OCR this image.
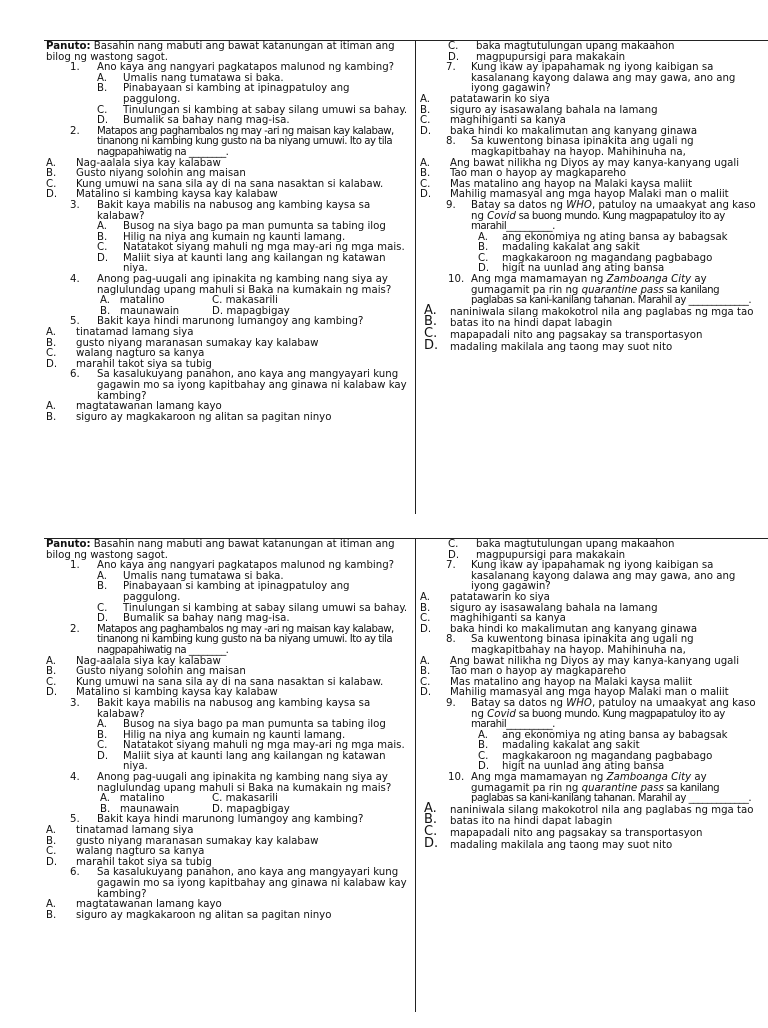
Panuto: Basahin nang mabuti ang bawat katanungan at itiman ang bilog ng wastong sagot.
1. Ano kaya ang nangyari pagkatapos malunod ng kambing?
A. Umalis nang tumatawa si baka.
B. Pinabayaan si kambing at ipinagpatuloy ang paggulong.
C. Tinulungan si kambing at sabay silang umuwi sa bahay.
D. Bumalik sa bahay nang mag-isa.
2. Matapos ang paghambalos ng may -ari ng maisan kay kalabaw, tinanong ni kambing kung gusto na ba niyang umuwi. Ito ay tila nagpapahiwatig na ________.
A. Nag-aalala siya kay kalabaw
B. Gusto niyang solohin ang maisan
C. Kung umuwi na sana sila ay di na sana nasaktan si kalabaw.
D. Matalino si kambing kaysa kay kalabaw
3. Bakit kaya mabilis na nabusog ang kambing kaysa sa kalabaw?
A. Busog na siya bago pa man pumunta sa tabing ilog
B. Hilig na niya ang kumain ng kaunti lamang.
C. Natatakot siyang mahuli ng mga may-ari ng mga mais.
D. Maliit siya at kaunti lang ang kailangan ng katawan niya.
4. Anong pag-uugali ang ipinakita ng kambing nang siya ay naglulundag upang mahuli si Baka na kumakain ng mais?
A. matalino	C. makasarili
B. maunawain	D. mapagbigay
5. Bakit kaya hindi marunong lumangoy ang kambing?
A. tinatamad lamang siya
B. gusto niyang maranasan sumakay kay kalabaw
C. walang nagturo sa kanya
D. marahil takot siya sa tubig
6. Sa kasalukuyang panahon, ano kaya ang mangyayari kung gagawin mo sa iyong kapitbahay ang ginawa ni kalabaw kay kambing?
A. magtatawanan lamang kayo
B. siguro ay magkakaroon ng alitan sa pagitan ninyo
C. baka magtutulungan upang makaahon
D. magpupursigi para makakain
7. Kung ikaw ay ipapahamak ng iyong kaibigan sa kasalanang kayong dalawa ang may gawa, ano ang iyong gagawin?
A. patatawarin ko siya
B. siguro ay isasawalang bahala na lamang
C. maghihiganti sa kanya
D. baka hindi ko makalimutan ang kanyang ginawa
8. Sa kuwentong binasa ipinakita ang ugali ng magkapitbahay na hayop. Mahihinuha na,
A. Ang bawat nilikha ng Diyos ay may kanya-kanyang ugali
B. Tao man o hayop ay magkapareho
C. Mas matalino ang hayop na Malaki kaysa maliit
D. Mahilig mamasyal ang mga hayop Malaki man o maliit
9. Batay sa datos ng WHO, patuloy na umaakyat ang kaso ng Covid sa buong mundo. Kung magpapatuloy ito ay marahil__________.
A. ang ekonomiya ng ating bansa ay babagsak
B. madaling kakalat ang sakit
C. magkakaroon ng magandang pagbabago
D. higit na uunlad ang ating bansa
10. Ang mga mamamayan ng Zamboanga City ay gumagamit pa rin ng quarantine pass sa kanilang paglabas sa kani-kanilang tahanan. Marahil ay _____________.
A. naniniwala silang makokotrol nila ang paglabas ng mga tao
B. batas ito na hindi dapat labagin
C. mapapadali nito ang pagsakay sa transportasyon
D. madaling makilala ang taong may suot nito
Panuto: Basahin nang mabuti ang bawat katanungan at itiman ang bilog ng wastong sagot.
1. Ano kaya ang nangyari pagkatapos malunod ng kambing?
A. Umalis nang tumatawa si baka.
B. Pinabayaan si kambing at ipinagpatuloy ang paggulong.
C. Tinulungan si kambing at sabay silang umuwi sa bahay.
D. Bumalik sa bahay nang mag-isa.
2. Matapos ang paghambalos ng may -ari ng maisan kay kalabaw, tinanong ni kambing kung gusto na ba niyang umuwi. Ito ay tila nagpapahiwatig na ________.
A. Nag-aalala siya kay kalabaw
B. Gusto niyang solohin ang maisan
C. Kung umuwi na sana sila ay di na sana nasaktan si kalabaw.
D. Matalino si kambing kaysa kay kalabaw
3. Bakit kaya mabilis na nabusog ang kambing kaysa sa kalabaw?
A. Busog na siya bago pa man pumunta sa tabing ilog
B. Hilig na niya ang kumain ng kaunti lamang.
C. Natatakot siyang mahuli ng mga may-ari ng mga mais.
D. Maliit siya at kaunti lang ang kailangan ng katawan niya.
4. Anong pag-uugali ang ipinakita ng kambing nang siya ay naglulundag upang mahuli si Baka na kumakain ng mais?
A. matalino	C. makasarili
B. maunawain	D. mapagbigay
5. Bakit kaya hindi marunong lumangoy ang kambing?
A. tinatamad lamang siya
B. gusto niyang maranasan sumakay kay kalabaw
C. walang nagturo sa kanya
D. marahil takot siya sa tubig
6. Sa kasalukuyang panahon, ano kaya ang mangyayari kung gagawin mo sa iyong kapitbahay ang ginawa ni kalabaw kay kambing?
A. magtatawanan lamang kayo
B. siguro ay magkakaroon ng alitan sa pagitan ninyo
C. baka magtutulungan upang makaahon
D. magpupursigi para makakain
7. Kung ikaw ay ipapahamak ng iyong kaibigan sa kasalanang kayong dalawa ang may gawa, ano ang iyong gagawin?
A. patatawarin ko siya
B. siguro ay isasawalang bahala na lamang
C. maghihiganti sa kanya
D. baka hindi ko makalimutan ang kanyang ginawa
8. Sa kuwentong binasa ipinakita ang ugali ng magkapitbahay na hayop. Mahihinuha na,
A. Ang bawat nilikha ng Diyos ay may kanya-kanyang ugali
B. Tao man o hayop ay magkapareho
C. Mas matalino ang hayop na Malaki kaysa maliit
D. Mahilig mamasyal ang mga hayop Malaki man o maliit
9. Batay sa datos ng WHO, patuloy na umaakyat ang kaso ng Covid sa buong mundo. Kung magpapatuloy ito ay marahil__________.
A. ang ekonomiya ng ating bansa ay babagsak
B. madaling kakalat ang sakit
C. magkakaroon ng magandang pagbabago
D. higit na uunlad ang ating bansa
10. Ang mga mamamayan ng Zamboanga City ay gumagamit pa rin ng quarantine pass sa kanilang paglabas sa kani-kanilang tahanan. Marahil ay _____________.
A. naniniwala silang makokotrol nila ang paglabas ng mga tao
B. batas ito na hindi dapat labagin
C. mapapadali nito ang pagsakay sa transportasyon
D. madaling makilala ang taong may suot nito
